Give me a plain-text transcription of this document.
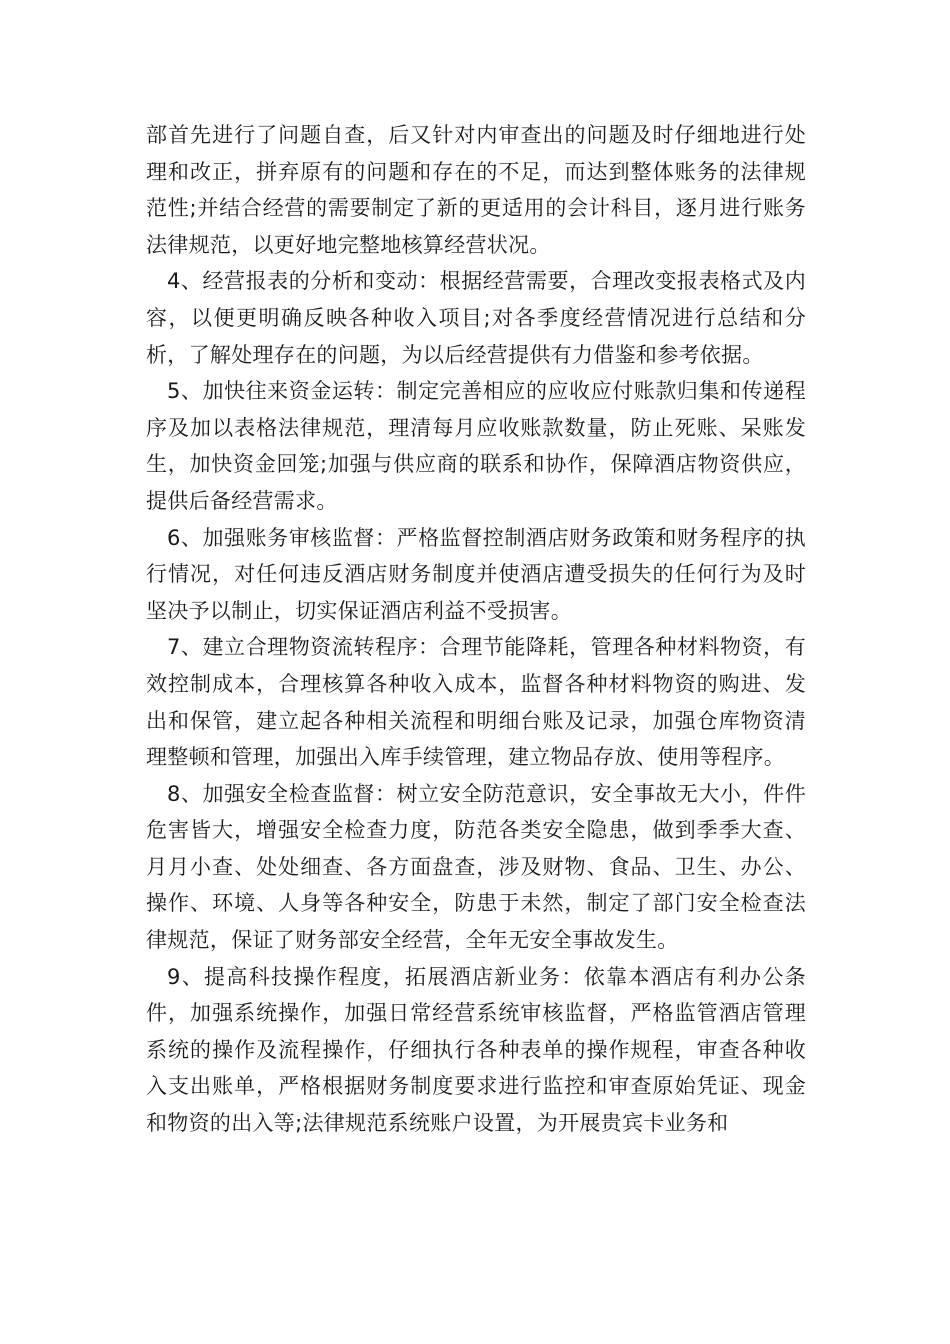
部首先进行了问题自查，后又针对内审查出的问题及时仔细地进行处理和改正，拼弃原有的问题和存在的不足，而达到整体账务的法律规范性;并结合经营的需要制定了新的更适用的会计科目，逐月进行账务法律规范，以更好地完整地核算经营状况。

4、经营报表的分析和变动：根据经营需要，合理改变报表格式及内容，以便更明确反映各种收入项目;对各季度经营情况进行总结和分析，了解处理存在的问题，为以后经营提供有力借鉴和参考依据。

5、加快往来资金运转：制定完善相应的应收应付账款归集和传递程序及加以表格法律规范，理清每月应收账款数量，防止死账、呆账发生，加快资金回笼;加强与供应商的联系和协作，保障酒店物资供应，提供后备经营需求。

6、加强账务审核监督：严格监督控制酒店财务政策和财务程序的执行情况，对任何违反酒店财务制度并使酒店遭受损失的任何行为及时坚决予以制止，切实保证酒店利益不受损害。

7、建立合理物资流转程序：合理节能降耗，管理各种材料物资，有效控制成本，合理核算各种收入成本，监督各种材料物资的购进、发出和保管，建立起各种相关流程和明细台账及记录，加强仓库物资清理整顿和管理，加强出入库手续管理，建立物品存放、使用等程序。

8、加强安全检查监督：树立安全防范意识，安全事故无大小，件件危害皆大，增强安全检查力度，防范各类安全隐患，做到季季大查、月月小查、处处细查、各方面盘查，涉及财物、食品、卫生、办公、操作、环境、人身等各种安全，防患于未然，制定了部门安全检查法律规范，保证了财务部安全经营，全年无安全事故发生。

9、提高科技操作程度，拓展酒店新业务：依靠本酒店有利办公条件，加强系统操作，加强日常经营系统审核监督，严格监管酒店管理系统的操作及流程操作，仔细执行各种表单的操作规程，审查各种收入支出账单，严格根据财务制度要求进行监控和审查原始凭证、现金和物资的出入等;法律规范系统账户设置，为开展贵宾卡业务和
